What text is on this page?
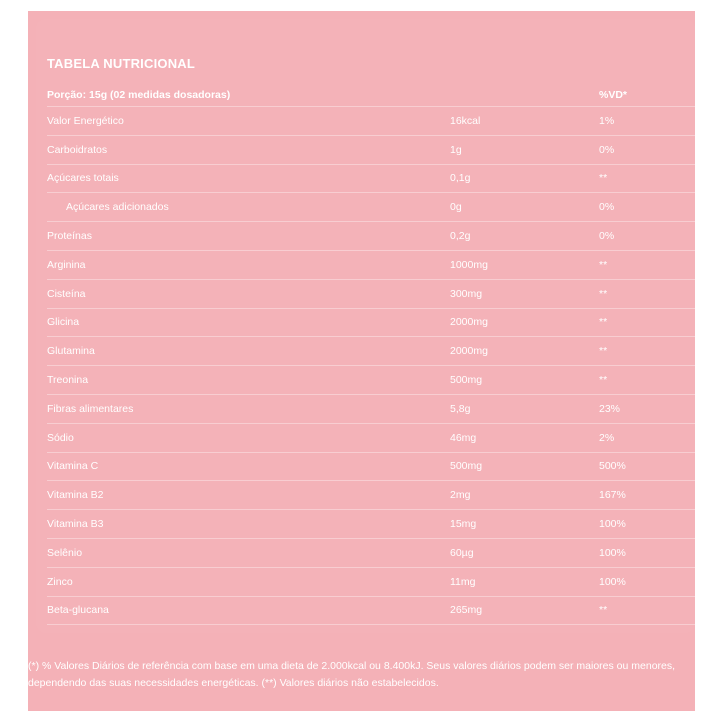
TABELA NUTRICIONAL
Porção: 15g (02 medidas dosadoras)	%VD*
Valor Energético	16kcal	1%
Carboidratos	1g	0%
Açúcares totais	0,1g	**
Açúcares adicionados	0g	0%
Proteínas	0,2g	0%
Arginina	1000mg	**
Cisteína	300mg	**
Glicina	2000mg	**
Glutamina	2000mg	**
Treonina	500mg	**
Fibras alimentares	5,8g	23%
Sódio	46mg	2%
Vitamina C	500mg	500%
Vitamina B2	2mg	167%
Vitamina B3	15mg	100%
Selênio	60µg	100%
Zinco	11mg	100%
Beta-glucana	265mg	**

(*) % Valores Diários de referência com base em uma dieta de 2.000kcal ou 8.400kJ. Seus valores diários podem ser maiores ou menores, dependendo das suas necessidades energéticas. (**) Valores diários não estabelecidos.
